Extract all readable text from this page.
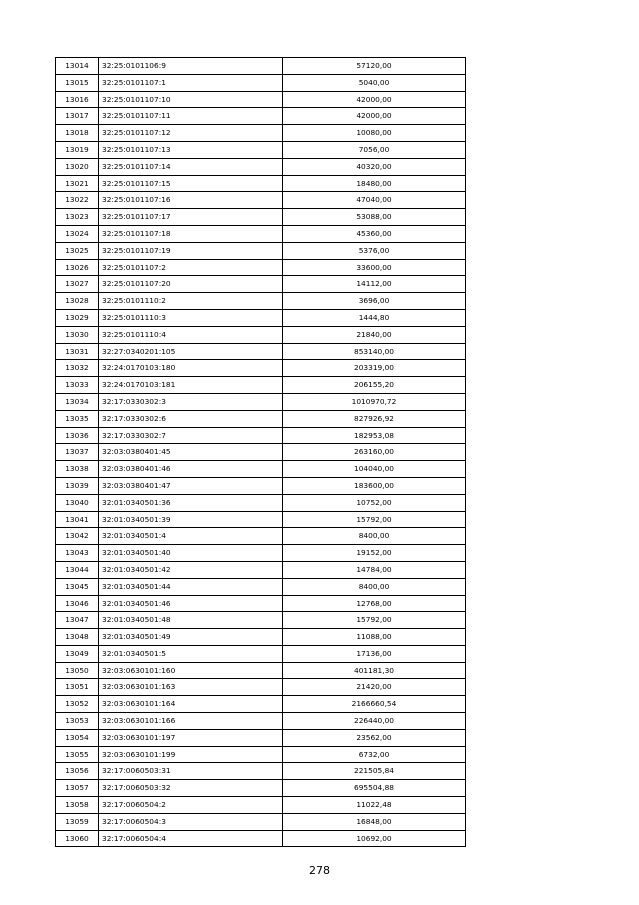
13014	32:25:0101106:9	57120,00
13015	32:25:0101107:1	5040,00
13016	32:25:0101107:10	42000,00
13017	32:25:0101107:11	42000,00
13018	32:25:0101107:12	10080,00
13019	32:25:0101107:13	7056,00
13020	32:25:0101107:14	40320,00
13021	32:25:0101107:15	18480,00
13022	32:25:0101107:16	47040,00
13023	32:25:0101107:17	53088,00
13024	32:25:0101107:18	45360,00
13025	32:25:0101107:19	5376,00
13026	32:25:0101107:2	33600,00
13027	32:25:0101107:20	14112,00
13028	32:25:0101110:2	3696,00
13029	32:25:0101110:3	1444,80
13030	32:25:0101110:4	21840,00
13031	32:27:0340201:105	853140,00
13032	32:24:0170103:180	203319,00
13033	32:24:0170103:181	206155,20
13034	32:17:0330302:3	1010970,72
13035	32:17:0330302:6	827926,92
13036	32:17:0330302:7	182953,08
13037	32:03:0380401:45	263160,00
13038	32:03:0380401:46	104040,00
13039	32:03:0380401:47	183600,00
13040	32:01:0340501:36	10752,00
13041	32:01:0340501:39	15792,00
13042	32:01:0340501:4	8400,00
13043	32:01:0340501:40	19152,00
13044	32:01:0340501:42	14784,00
13045	32:01:0340501:44	8400,00
13046	32:01:0340501:46	12768,00
13047	32:01:0340501:48	15792,00
13048	32:01:0340501:49	11088,00
13049	32:01:0340501:5	17136,00
13050	32:03:0630101:160	401181,30
13051	32:03:0630101:163	21420,00
13052	32:03:0630101:164	2166660,54
13053	32:03:0630101:166	226440,00
13054	32:03:0630101:197	23562,00
13055	32:03:0630101:199	6732,00
13056	32:17:0060503:31	221505,84
13057	32:17:0060503:32	695504,88
13058	32:17:0060504:2	11022,48
13059	32:17:0060504:3	16848,00
13060	32:17:0060504:4	10692,00
278
